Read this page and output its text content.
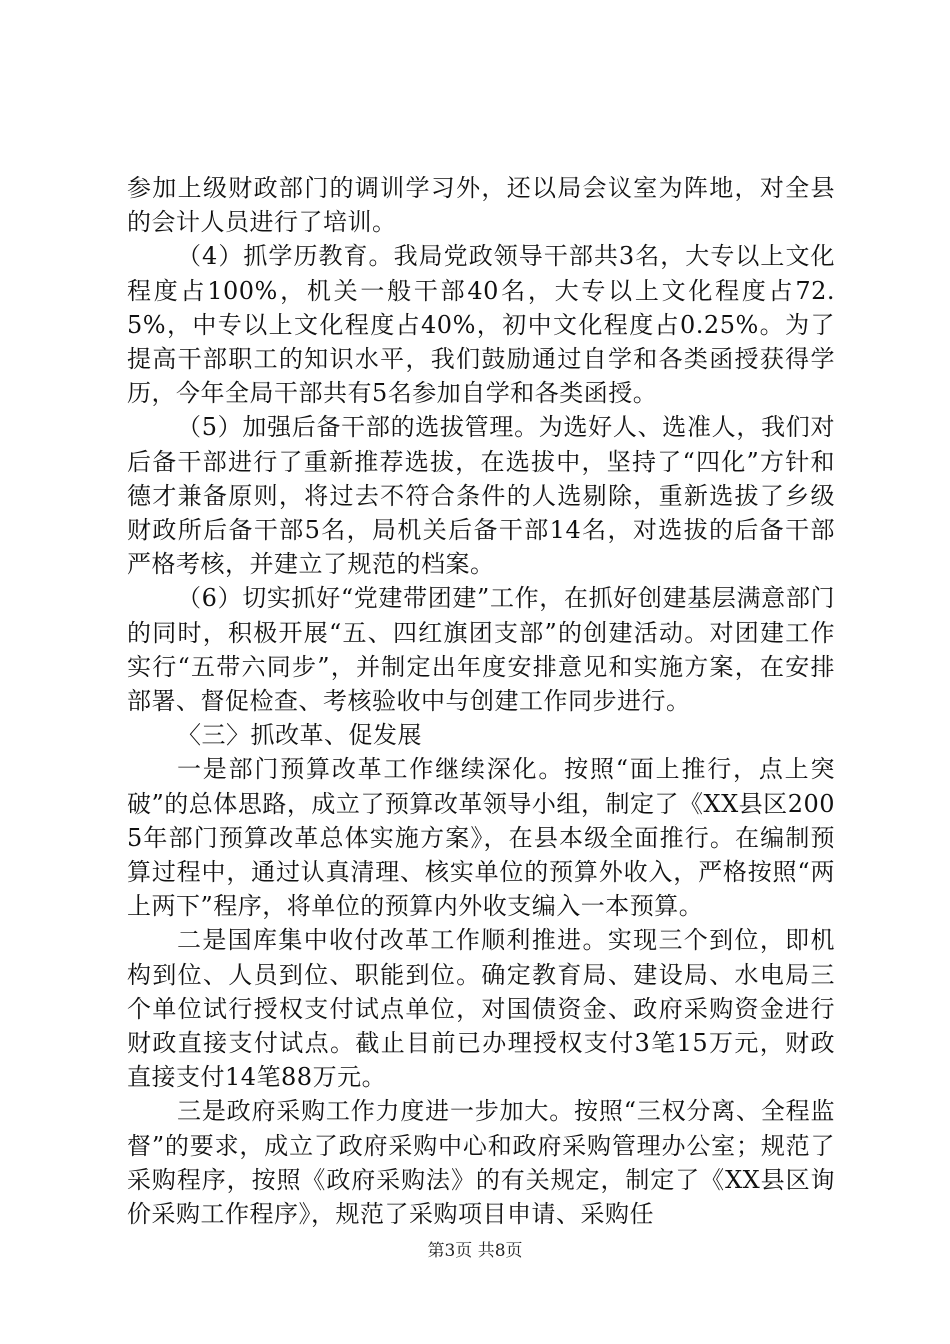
参加上级财政部门的调训学习外，还以局会议室为阵地，对全县的会计人员进行了培训。

（4）抓学历教育。我局党政领导干部共3名，大专以上文化程度占100%，机关一般干部40名，大专以上文化程度占72.5%，中专以上文化程度占40%，初中文化程度占0.25%。为了提高干部职工的知识水平，我们鼓励通过自学和各类函授获得学历，今年全局干部共有5名参加自学和各类函授。

（5）加强后备干部的选拔管理。为选好人、选准人，我们对后备干部进行了重新推荐选拔，在选拔中，坚持了“四化”方针和德才兼备原则，将过去不符合条件的人选剔除，重新选拔了乡级财政所后备干部5名，局机关后备干部14名，对选拔的后备干部严格考核，并建立了规范的档案。

（6）切实抓好“党建带团建”工作，在抓好创建基层满意部门的同时，积极开展“五、四红旗团支部”的创建活动。对团建工作实行“五带六同步”，并制定出年度安排意见和实施方案，在安排部署、督促检查、考核验收中与创建工作同步进行。

〈三〉抓改革、促发展

一是部门预算改革工作继续深化。按照“面上推行，点上突破”的总体思路，成立了预算改革领导小组，制定了《XX县区2005年部门预算改革总体实施方案》，在县本级全面推行。在编制预算过程中，通过认真清理、核实单位的预算外收入，严格按照“两上两下”程序，将单位的预算内外收支编入一本预算。

二是国库集中收付改革工作顺利推进。实现三个到位，即机构到位、人员到位、职能到位。确定教育局、建设局、水电局三个单位试行授权支付试点单位，对国债资金、政府采购资金进行财政直接支付试点。截止目前已办理授权支付3笔15万元，财政直接支付14笔88万元。

三是政府采购工作力度进一步加大。按照“三权分离、全程监督”的要求，成立了政府采购中心和政府采购管理办公室；规范了采购程序，按照《政府采购法》的有关规定，制定了《XX县区询价采购工作程序》，规范了采购项目申请、采购任

第3页 共8页
